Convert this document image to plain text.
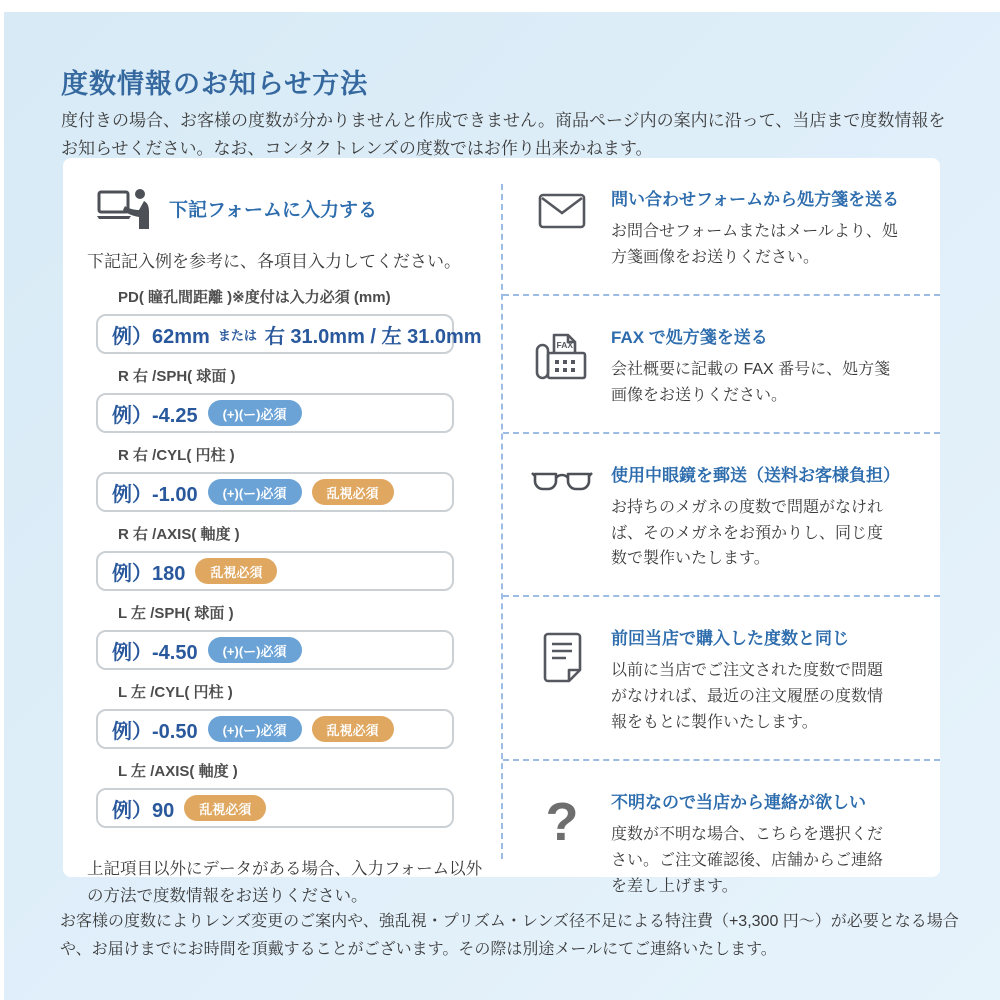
度数情報のお知らせ方法

度付きの場合、お客様の度数が分かりませんと作成できません。商品ページ内の案内に沿って、当店まで度数情報をお知らせください。なお、コンタクトレンズの度数ではお作り出来かねます。

下記フォームに入力する

下記記入例を参考に、各項目入力してください。

PD( 瞳孔間距離 )※度付は入力必須 (mm)
例）62mm または 右 31.0mm / 左 31.0mm
R 右 /SPH( 球面 )
例）-4.25	(+)(ー)必須
R 右 /CYL( 円柱 )
例）-1.00	(+)(ー)必須	乱視必須
R 右 /AXIS( 軸度 )
例）180	乱視必須
L 左 /SPH( 球面 )
例）-4.50	(+)(ー)必須
L 左 /CYL( 円柱 )
例）-0.50	(+)(ー)必須	乱視必須
L 左 /AXIS( 軸度 )
例）90	乱視必須

上記項目以外にデータがある場合、入力フォーム以外の方法で度数情報をお送りください。

問い合わせフォームから処方箋を送る
お問合せフォームまたはメールより、処方箋画像をお送りください。
FAX FAX で処方箋を送る
会社概要に記載の FAX 番号に、処方箋画像をお送りください。
使用中眼鏡を郵送（送料お客様負担）
お持ちのメガネの度数で問題がなければ、そのメガネをお預かりし、同じ度数で製作いたします。
前回当店で購入した度数と同じ
以前に当店でご注文された度数で問題がなければ、最近の注文履歴の度数情報をもとに製作いたします。
? 不明なので当店から連絡が欲しい
度数が不明な場合、こちらを選択ください。ご注文確認後、店舗からご連絡を差し上げます。

お客様の度数によりレンズ変更のご案内や、強乱視・プリズム・レンズ径不足による特注費（+3,300 円～）が必要となる場合や、お届けまでにお時間を頂戴することがございます。その際は別途メールにてご連絡いたします。
